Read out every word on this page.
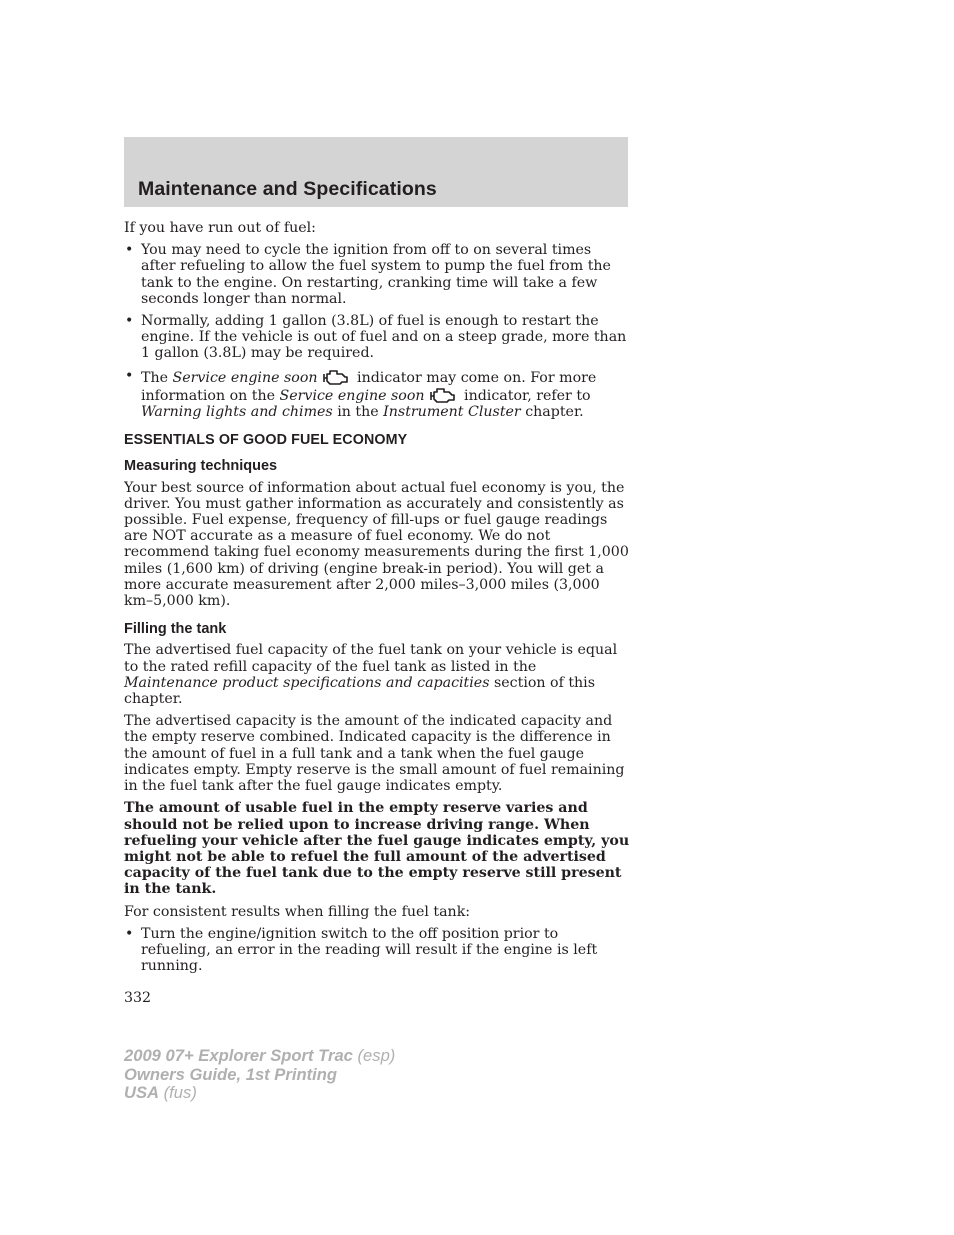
Maintenance and Specifications

If you have run out of fuel:

• You may need to cycle the ignition from off to on several times after refueling to allow the fuel system to pump the fuel from the tank to the engine. On restarting, cranking time will take a few seconds longer than normal.
• Normally, adding 1 gallon (3.8L) of fuel is enough to restart the engine. If the vehicle is out of fuel and on a steep grade, more than 1 gallon (3.8L) may be required.
• The Service engine soon indicator may come on. For more information on the Service engine soon indicator, refer to Warning lights and chimes in the Instrument Cluster chapter.
ESSENTIALS OF GOOD FUEL ECONOMY
Measuring techniques

Your best source of information about actual fuel economy is you, the driver. You must gather information as accurately and consistently as possible. Fuel expense, frequency of fill-ups or fuel gauge readings are NOT accurate as a measure of fuel economy. We do not recommend taking fuel economy measurements during the first 1,000 miles (1,600 km) of driving (engine break-in period). You will get a more accurate measurement after 2,000 miles–3,000 miles (3,000 km–5,000 km).

Filling the tank

The advertised fuel capacity of the fuel tank on your vehicle is equal to the rated refill capacity of the fuel tank as listed in the Maintenance product specifications and capacities section of this chapter.

The advertised capacity is the amount of the indicated capacity and the empty reserve combined. Indicated capacity is the difference in the amount of fuel in a full tank and a tank when the fuel gauge indicates empty. Empty reserve is the small amount of fuel remaining in the fuel tank after the fuel gauge indicates empty.

The amount of usable fuel in the empty reserve varies and should not be relied upon to increase driving range. When refueling your vehicle after the fuel gauge indicates empty, you might not be able to refuel the full amount of the advertised capacity of the fuel tank due to the empty reserve still present in the tank.

For consistent results when filling the fuel tank:

• Turn the engine/ignition switch to the off position prior to refueling, an error in the reading will result if the engine is left running.
332
2009 07+ Explorer Sport Trac (esp)
Owners Guide, 1st Printing
USA (fus)
